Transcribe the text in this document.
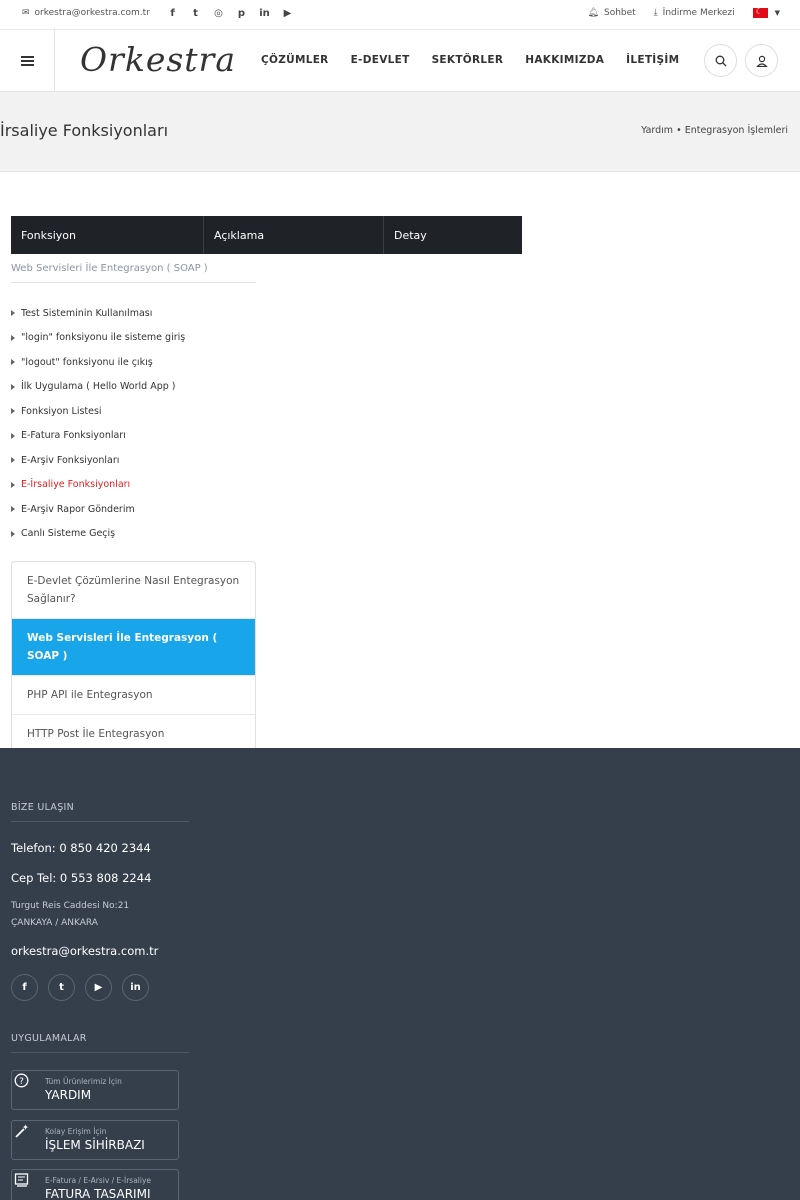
✉ orkestra@orkestra.com.tr	f	t	◎	p	in	▶	🔔︎ Sohbet ⤓ İndirme Merkezi
☾	▼
Orkestra	ÇÖZÜMLER	E-DEVLET	SEKTÖRLER	HAKKIMIZDA	İLETİŞİM
İrsaliye Fonksiyonları	Yardım • Entegrasyon İşlemleri
Fonksiyon	Açıklama	Detay
Web Servisleri İle Entegrasyon ( SOAP )
Test Sisteminin Kullanılması
"login" fonksiyonu ile sisteme giriş
"logout" fonksiyonu ile çıkış
İlk Uygulama ( Hello World App )
Fonksiyon Listesi
E-Fatura Fonksiyonları
E-Arşiv Fonksiyonları
E-İrsaliye Fonksiyonları
E-Arşiv Rapor Gönderim
Canlı Sisteme Geçiş
E-Devlet Çözümlerine Nasıl Entegrasyon Sağlanır?
Web Servisleri İle Entegrasyon ( SOAP )
PHP API ile Entegrasyon
HTTP Post İle Entegrasyon
BİZE ULAŞIN
Telefon: 0 850 420 2344
Cep Tel: 0 553 808 2244
Turgut Reis Caddesi No:21
ÇANKAYA / ANKARA
orkestra@orkestra.com.tr
f	t	▶	in
UYGULAMALAR
?	Tüm Ürünlerimiz İçin
YARDIM
✦ Kolay Erişim İçin
İŞLEM SİHİRBAZI
E-Fatura / E-Arsiv / E-İrsaliye
FATURA TASARIMI
